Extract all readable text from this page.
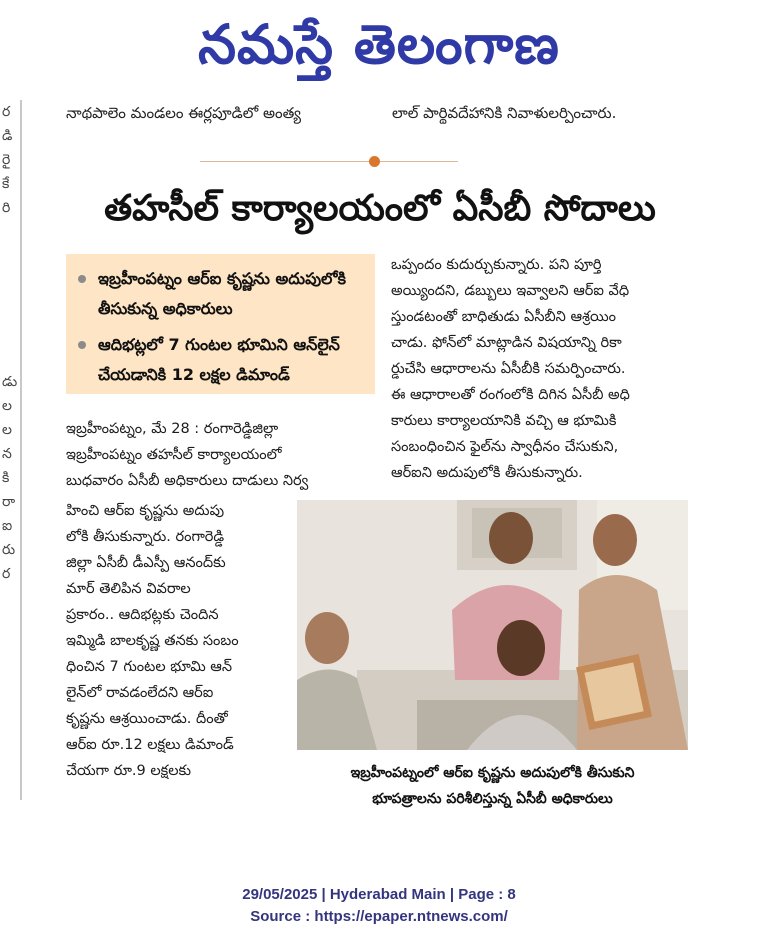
నమస్తే తెలంగాణ
ర
డి
రై
కే
రి
డు
ల
ల
న
కి
రా
ఐ
రు
ర

నాథపాలెం మండలం ఈర్లపూడిలో అంత్య
	లాల్ పార్థివదేహానికి నివాళులర్పించారు.
తహసీల్ కార్యాలయంలో ఏసీబీ సోదాలు
ఇబ్రహీంపట్నం ఆర్ఐ కృష్ణను అదుపులోకి తీసుకున్న అధికారులు
ఆదిభట్లలో 7 గుంటల భూమిని ఆన్‌లైన్ చేయడానికి 12 లక్షల డిమాండ్
ఇబ్రహీంపట్నం, మే 28 : రంగారెడ్డిజిల్లా
ఇబ్రహీంపట్నం తహసీల్ కార్యాలయంలో
బుధవారం ఏసీబీ అధికారులు దాడులు నిర్వ
హించి ఆర్ఐ కృష్ణను అదుపు
లోకి తీసుకున్నారు. రంగారెడ్డి
జిల్లా ఏసీబీ డీఎస్పీ ఆనంద్‌కు
మార్ తెలిపిన వివరాల
ప్రకారం.. ఆదిభట్లకు చెందిన
ఇమ్మిడి బాలకృష్ణ తనకు సంబం
ధించిన 7 గుంటల భూమి ఆన్
లైన్‌లో రావడంలేదని ఆర్ఐ
కృష్ణను ఆశ్రయించాడు. దీంతో
ఆర్ఐ రూ.12 లక్షలు డిమాండ్
చేయగా రూ.9 లక్షలకు
ఒప్పందం కుదుర్చుకున్నారు. పని పూర్తి
అయ్యిందని, డబ్బులు ఇవ్వాలని ఆర్ఐ వేధి
స్తుండటంతో బాధితుడు ఏసీబీని ఆశ్రయిం
చాడు. ఫోన్‌లో మాట్లాడిన విషయాన్ని రికా
ర్డుచేసి ఆధారాలను ఏసీబీకి సమర్పించారు.
ఈ ఆధారాలతో రంగంలోకి దిగిన ఏసీబీ అధి
కారులు కార్యాలయానికి వచ్చి ఆ భూమికి
సంబంధించిన ఫైల్‌ను స్వాధీనం చేసుకుని,
ఆర్ఐని అదుపులోకి తీసుకున్నారు.
ఇబ్రహీంపట్నంలో ఆర్ఐ కృష్ణను అదుపులోకి తీసుకుని
భూపత్రాలను పరిశీలిస్తున్న ఏసీబీ అధికారులు
29/05/2025 | Hyderabad Main | Page : 8
Source : https://epaper.ntnews.com/
